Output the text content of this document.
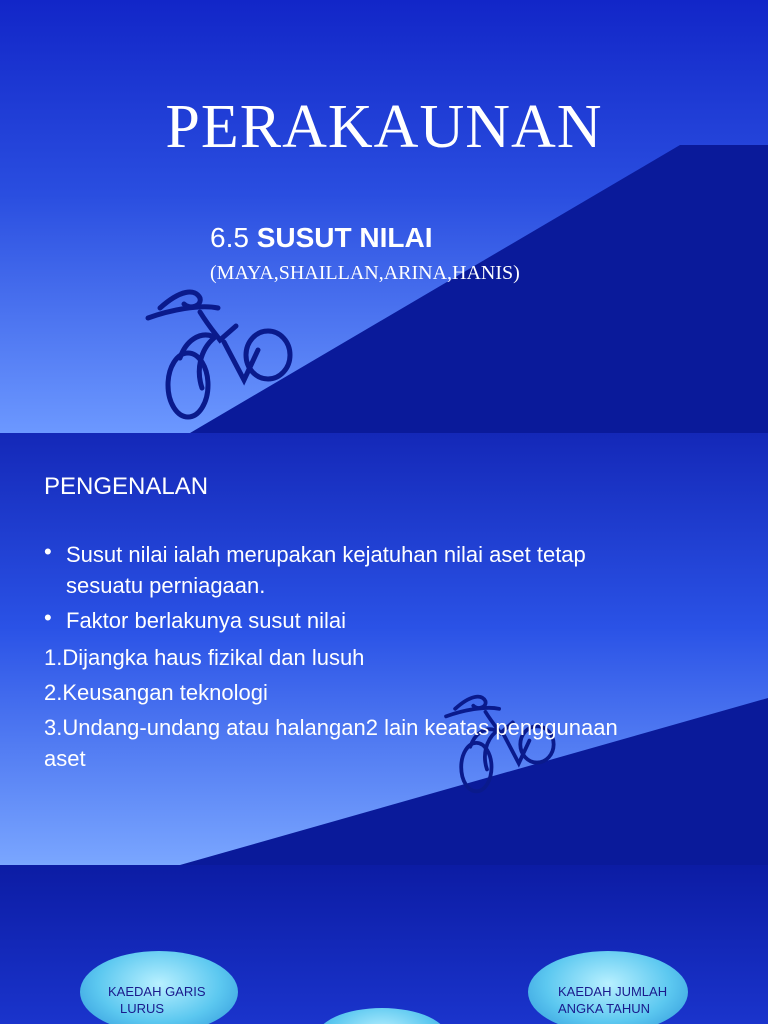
PERAKAUNAN
6.5 SUSUT NILAI
(MAYA,SHAILLAN,ARINA,HANIS)
PENGENALAN
• Susut nilai ialah merupakan kejatuhan nilai aset tetap
sesuatu perniagaan.
• Faktor berlakunya susut nilai
1.Dijangka haus fizikal dan lusuh
2.Keusangan teknologi
3.Undang-undang atau halangan2 lain keatas penggunaan
aset
KAEDAH GARIS
LURUS
KAEDAH JUMLAH
ANGKA TAHUN
